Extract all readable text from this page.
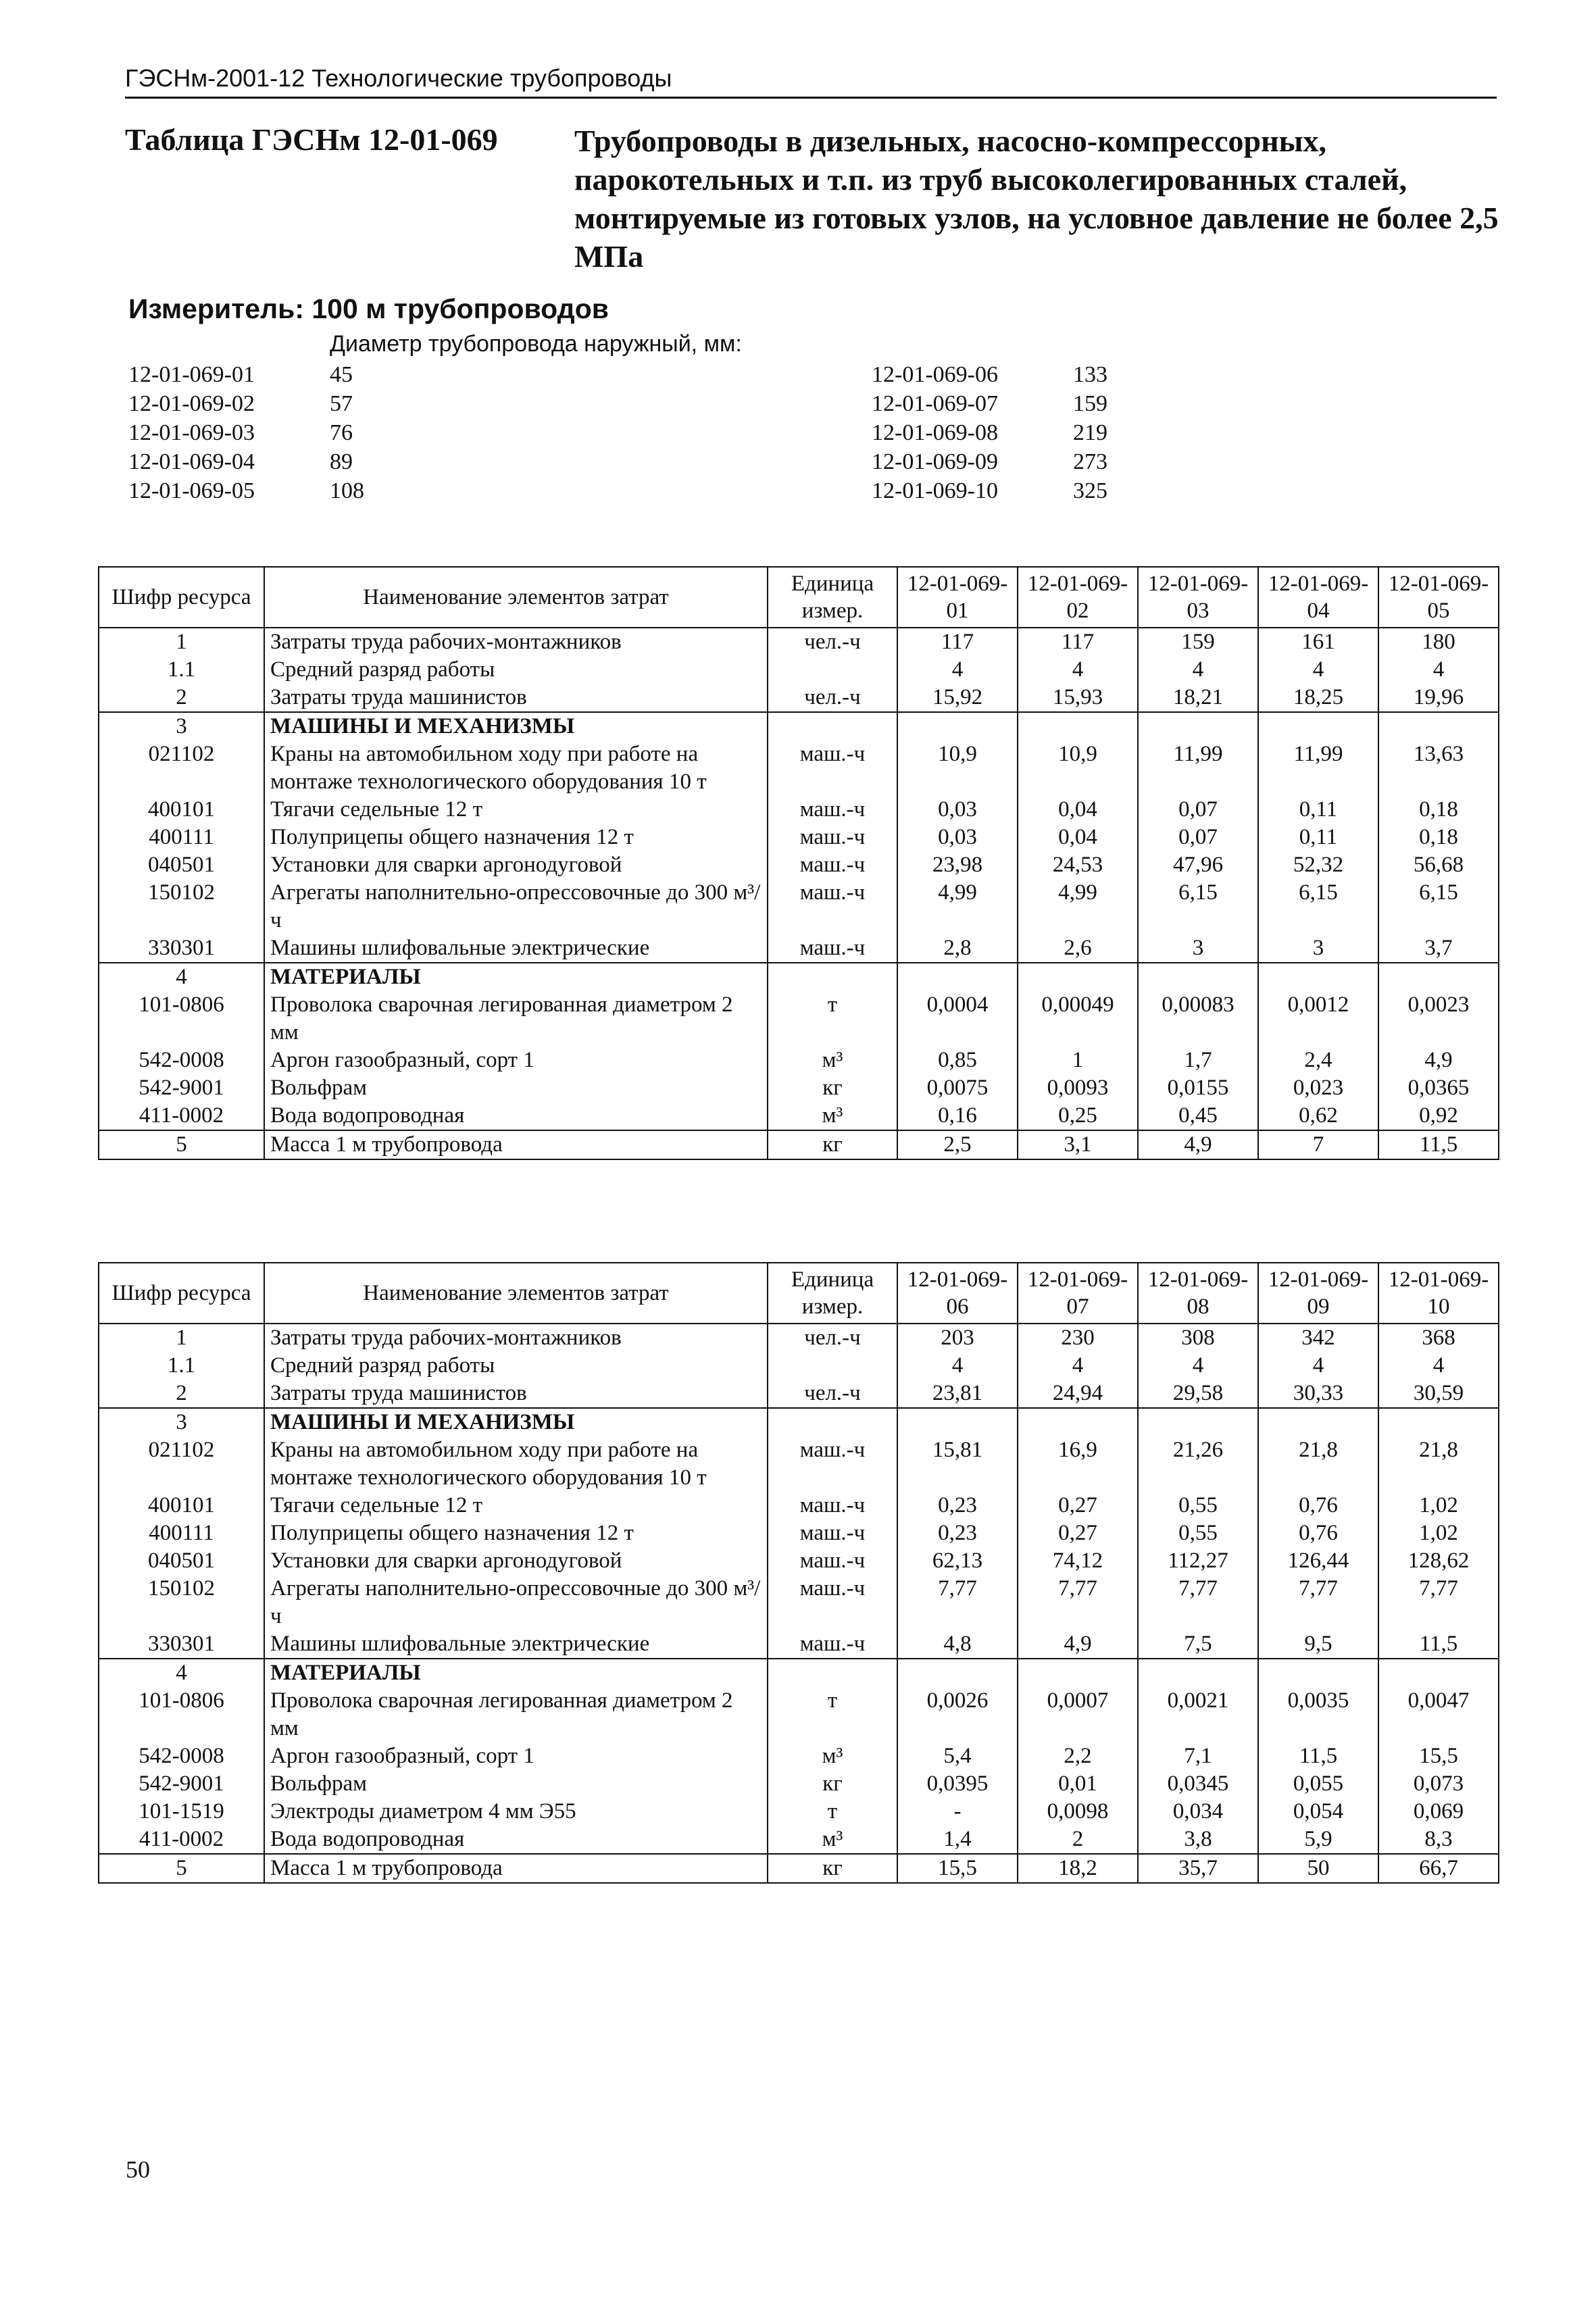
ГЭСНм-2001-12 Технологические трубопроводы
Таблица ГЭСНм 12-01-069 Трубопроводы в дизельных, насосно-компрессорных, парокотельных и т.п. из труб высоколегированных сталей, монтируемые из готовых узлов, на условное давление не более 2,5 МПа
Измеритель: 100 м трубопроводов
Диаметр трубопровода наружный, мм:
12-01-069-01	45
12-01-069-02	57
12-01-069-03	76
12-01-069-04	89
12-01-069-05	108
12-01-069-06	133
12-01-069-07	159
12-01-069-08	219
12-01-069-09	273
12-01-069-10	325
Шифр ресурса	Наименование элементов затрат	Единица измер.	12-01-069-01	12-01-069-02	12-01-069-03	12-01-069-04	12-01-069-05
1	Затраты труда рабочих-монтажников	чел.-ч	117	117	159	161	180
1.1	Средний разряд работы		4	4	4	4	4
2	Затраты труда машинистов	чел.-ч	15,92	15,93	18,21	18,25	19,96
3	МАШИНЫ И МЕХАНИЗМЫ						
021102	Краны на автомобильном ходу при работе на монтаже технологического оборудования 10 т	маш.-ч	10,9	10,9	11,99	11,99	13,63
400101	Тягачи седельные 12 т	маш.-ч	0,03	0,04	0,07	0,11	0,18
400111	Полуприцепы общего назначения 12 т	маш.-ч	0,03	0,04	0,07	0,11	0,18
040501	Установки для сварки аргонодуговой	маш.-ч	23,98	24,53	47,96	52,32	56,68
150102	Агрегаты наполнительно-опрессовочные до 300 м³/ч	маш.-ч	4,99	4,99	6,15	6,15	6,15
330301	Машины шлифовальные электрические	маш.-ч	2,8	2,6	3	3	3,7
4	МАТЕРИАЛЫ						
101-0806	Проволока сварочная легированная диаметром 2 мм	т	0,0004	0,00049	0,00083	0,0012	0,0023
542-0008	Аргон газообразный, сорт 1	м³	0,85	1	1,7	2,4	4,9
542-9001	Вольфрам	кг	0,0075	0,0093	0,0155	0,023	0,0365
411-0002	Вода водопроводная	м³	0,16	0,25	0,45	0,62	0,92
5	Масса 1 м трубопровода	кг	2,5	3,1	4,9	7	11,5
Шифр ресурса	Наименование элементов затрат	Единица измер.	12-01-069-06	12-01-069-07	12-01-069-08	12-01-069-09	12-01-069-10
1	Затраты труда рабочих-монтажников	чел.-ч	203	230	308	342	368
1.1	Средний разряд работы		4	4	4	4	4
2	Затраты труда машинистов	чел.-ч	23,81	24,94	29,58	30,33	30,59
3	МАШИНЫ И МЕХАНИЗМЫ						
021102	Краны на автомобильном ходу при работе на монтаже технологического оборудования 10 т	маш.-ч	15,81	16,9	21,26	21,8	21,8
400101	Тягачи седельные 12 т	маш.-ч	0,23	0,27	0,55	0,76	1,02
400111	Полуприцепы общего назначения 12 т	маш.-ч	0,23	0,27	0,55	0,76	1,02
040501	Установки для сварки аргонодуговой	маш.-ч	62,13	74,12	112,27	126,44	128,62
150102	Агрегаты наполнительно-опрессовочные до 300 м³/ч	маш.-ч	7,77	7,77	7,77	7,77	7,77
330301	Машины шлифовальные электрические	маш.-ч	4,8	4,9	7,5	9,5	11,5
4	МАТЕРИАЛЫ						
101-0806	Проволока сварочная легированная диаметром 2 мм	т	0,0026	0,0007	0,0021	0,0035	0,0047
542-0008	Аргон газообразный, сорт 1	м³	5,4	2,2	7,1	11,5	15,5
542-9001	Вольфрам	кг	0,0395	0,01	0,0345	0,055	0,073
101-1519	Электроды диаметром 4 мм Э55	т	-	0,0098	0,034	0,054	0,069
411-0002	Вода водопроводная	м³	1,4	2	3,8	5,9	8,3
5	Масса 1 м трубопровода	кг	15,5	18,2	35,7	50	66,7
50
